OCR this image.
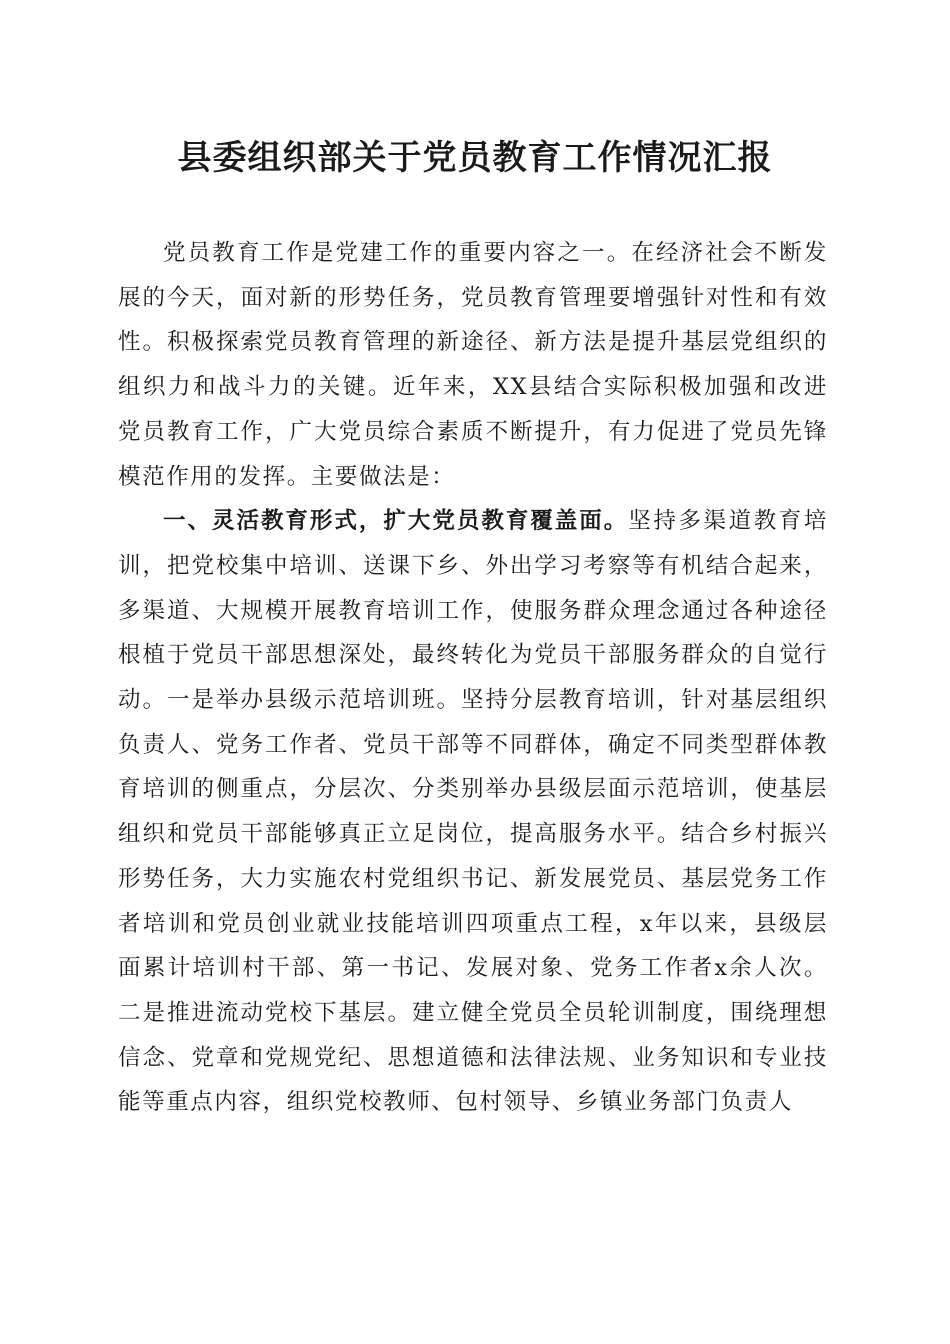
县委组织部关于党员教育工作情况汇报

党员教育工作是党建工作的重要内容之一。在经济社会不断发展的今天，面对新的形势任务，党员教育管理要增强针对性和有效性。积极探索党员教育管理的新途径、新方法是提升基层党组织的组织力和战斗力的关键。近年来，XX县结合实际积极加强和改进党员教育工作，广大党员综合素质不断提升，有力促进了党员先锋模范作用的发挥。主要做法是：

一、灵活教育形式，扩大党员教育覆盖面。坚持多渠道教育培训，把党校集中培训、送课下乡、外出学习考察等有机结合起来，多渠道、大规模开展教育培训工作，使服务群众理念通过各种途径根植于党员干部思想深处，最终转化为党员干部服务群众的自觉行动。一是举办县级示范培训班。坚持分层教育培训，针对基层组织负责人、党务工作者、党员干部等不同群体，确定不同类型群体教育培训的侧重点，分层次、分类别举办县级层面示范培训，使基层组织和党员干部能够真正立足岗位，提高服务水平。结合乡村振兴形势任务，大力实施农村党组织书记、新发展党员、基层党务工作者培训和党员创业就业技能培训四项重点工程，x年以来，县级层面累计培训村干部、第一书记、发展对象、党务工作者x余人次。二是推进流动党校下基层。建立健全党员全员轮训制度，围绕理想信念、党章和党规党纪、思想道德和法律法规、业务知识和专业技能等重点内容，组织党校教师、包村领导、乡镇业务部门负责人
